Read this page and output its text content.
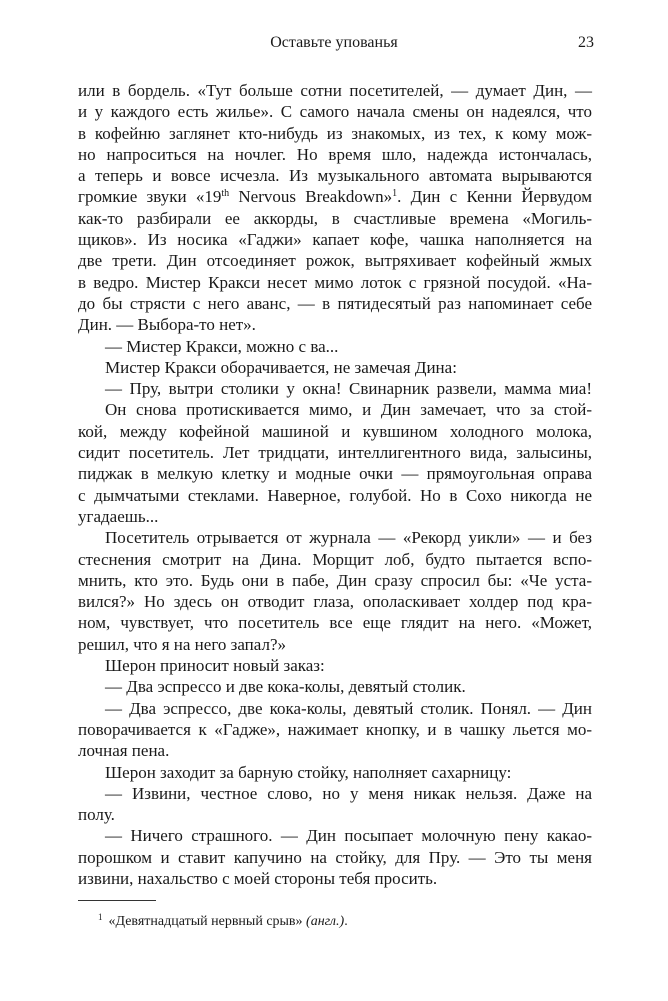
Оставьте упованья	23
или в бордель. «Тут больше сотни посетителей, — думает Дин, —
и у каждого есть жилье». С самого начала смены он надеялся, что
в кофейню заглянет кто-нибудь из знакомых, из тех, к кому мож-
но напроситься на ночлег. Но время шло, надежда истончалась,
а теперь и вовсе исчезла. Из музыкального автомата вырываются
громкие звуки «19th Nervous Breakdown»$^1$. Дин с Кенни Йервудом
как-то разбирали ее аккорды, в счастливые времена «Могиль-
щиков». Из носика «Гаджи» капает кофе, чашка наполняется на
две трети. Дин отсоединяет рожок, вытряхивает кофейный жмых
в ведро. Мистер Кракси несет мимо лоток с грязной посудой. «На-
до бы стрясти с него аванс, — в пятидесятый раз напоминает себе
Дин. — Выбора-то нет».
— Мистер Кракси, можно с ва...
Мистер Кракси оборачивается, не замечая Дина:
— Пру, вытри столики у окна! Свинарник развели, мамма миа!
Он снова протискивается мимо, и Дин замечает, что за стой-
кой, между кофейной машиной и кувшином холодного молока,
сидит посетитель. Лет тридцати, интеллигентного вида, залысины,
пиджак в мелкую клетку и модные очки — прямоугольная оправа
с дымчатыми стеклами. Наверное, голубой. Но в Сохо никогда не
угадаешь...
Посетитель отрывается от журнала — «Рекорд уикли» — и без
стеснения смотрит на Дина. Морщит лоб, будто пытается вспо-
мнить, кто это. Будь они в пабе, Дин сразу спросил бы: «Че уста-
вился?» Но здесь он отводит глаза, ополаскивает холдер под кра-
ном, чувствует, что посетитель все еще глядит на него. «Может,
решил, что я на него запал?»
Шерон приносит новый заказ:
— Два эспрессо и две кока-колы, девятый столик.
— Два эспрессо, две кока-колы, девятый столик. Понял. — Дин
поворачивается к «Гадже», нажимает кнопку, и в чашку льется мо-
лочная пена.
Шерон заходит за барную стойку, наполняет сахарницу:
— Извини, честное слово, но у меня никак нельзя. Даже на
полу.
— Ничего страшного. — Дин посыпает молочную пену какао-
порошком и ставит капучино на стойку, для Пру. — Это ты меня
извини, нахальство с моей стороны тебя просить.
$^1$ «Девятнадцатый нервный срыв» (англ.).
